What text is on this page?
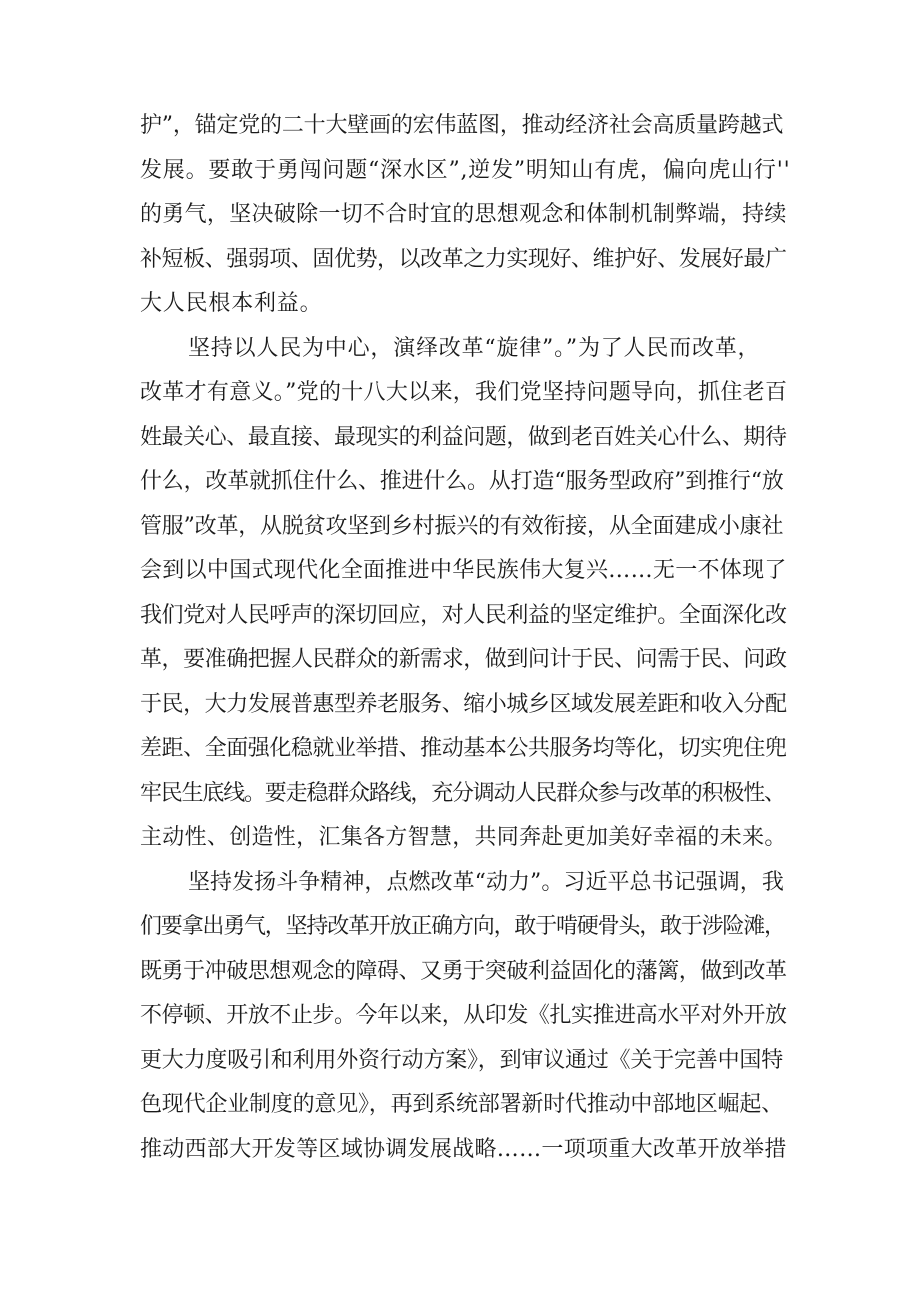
护”，锚定党的二十大壁画的宏伟蓝图，推动经济社会高质量跨越式
发展。要敢于勇闯问题“深水区”,逆发”明知山有虎，偏向虎山行''
的勇气，坚决破除一切不合时宜的思想观念和体制机制弊端，持续
补短板、强弱项、固优势，以改革之力实现好、维护好、发展好最广
大人民根本利益。
坚持以人民为中心，演绎改革“旋律”。”为了人民而改革，
改革才有意义。”党的十八大以来，我们党坚持问题导向，抓住老百
姓最关心、最直接、最现实的利益问题，做到老百姓关心什么、期待
什么，改革就抓住什么、推进什么。从打造“服务型政府”到推行“放
管服”改革，从脱贫攻坚到乡村振兴的有效衔接，从全面建成小康社
会到以中国式现代化全面推进中华民族伟大复兴……无一不体现了
我们党对人民呼声的深切回应，对人民利益的坚定维护。全面深化改
革，要准确把握人民群众的新需求，做到问计于民、问需于民、问政
于民，大力发展普惠型养老服务、缩小城乡区域发展差距和收入分配
差距、全面强化稳就业举措、推动基本公共服务均等化，切实兜住兜
牢民生底线。要走稳群众路线，充分调动人民群众参与改革的积极性、
主动性、创造性，汇集各方智慧，共同奔赴更加美好幸福的未来。
坚持发扬斗争精神，点燃改革“动力”。习近平总书记强调，我
们要拿出勇气，坚持改革开放正确方向，敢于啃硬骨头，敢于涉险滩，
既勇于冲破思想观念的障碍、又勇于突破利益固化的藩篱，做到改革
不停顿、开放不止步。今年以来，从印发《扎实推进高水平对外开放
更大力度吸引和利用外资行动方案》，到审议通过《关于完善中国特
色现代企业制度的意见》，再到系统部署新时代推动中部地区崛起、
推动西部大开发等区域协调发展战略……一项项重大改革开放举措
